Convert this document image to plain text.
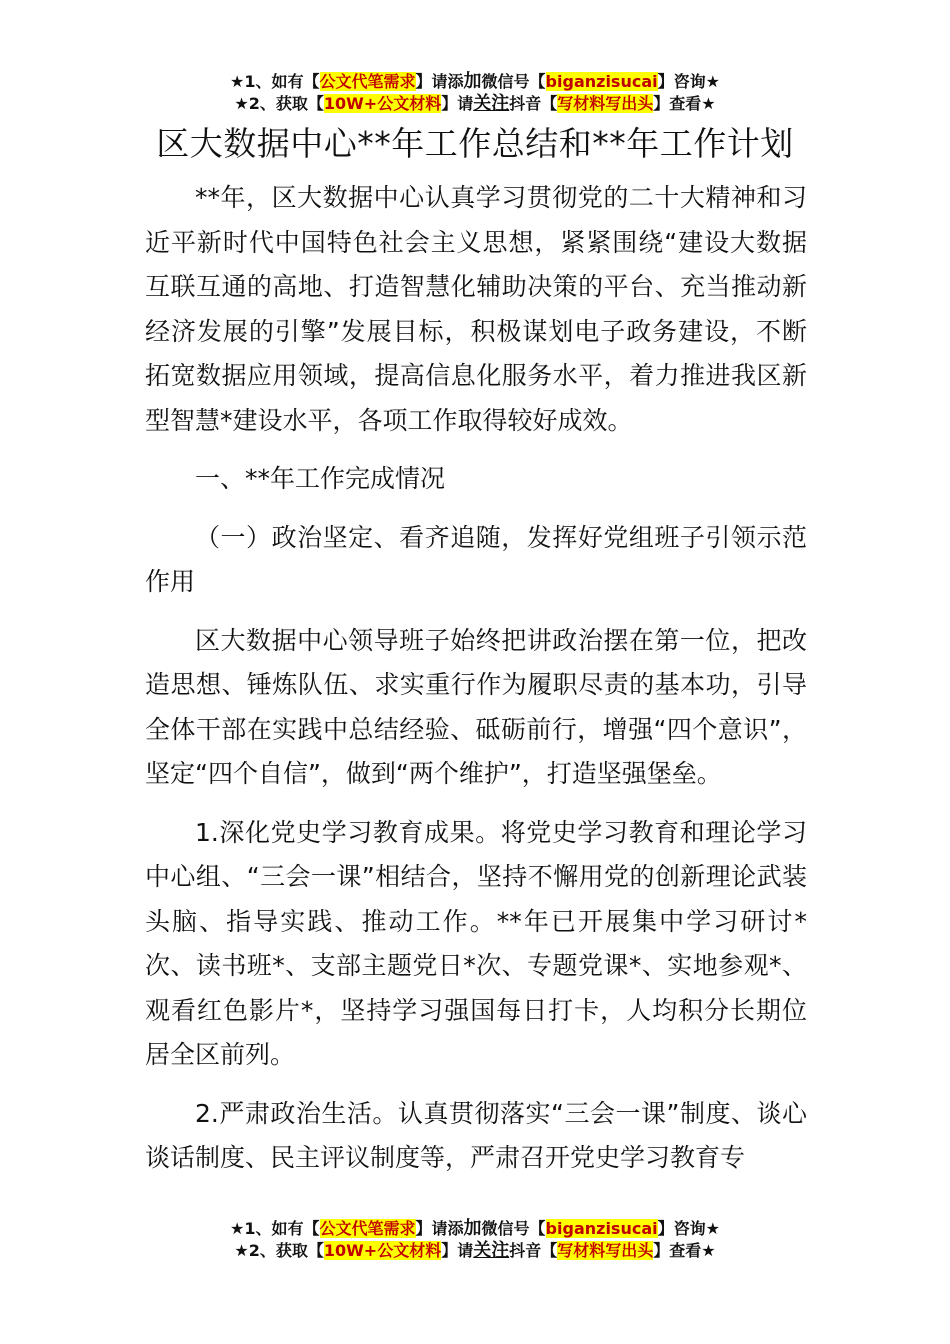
★1、如有【公文代笔需求】请添加微信号【biganzisucai】咨询★
★2、获取【10W+公文材料】请关注抖音【写材料写出头】查看★
区大数据中心**年工作总结和**年工作计划

**年，区大数据中心认真学习贯彻党的二十大精神和习近平新时代中国特色社会主义思想，紧紧围绕“建设大数据互联互通的高地、打造智慧化辅助决策的平台、充当推动新经济发展的引擎”发展目标，积极谋划电子政务建设，不断拓宽数据应用领域，提高信息化服务水平，着力推进我区新型智慧*建设水平，各项工作取得较好成效。

一、**年工作完成情况

（一）政治坚定、看齐追随，发挥好党组班子引领示范作用

区大数据中心领导班子始终把讲政治摆在第一位，把改造思想、锤炼队伍、求实重行作为履职尽责的基本功，引导全体干部在实践中总结经验、砥砺前行，增强“四个意识”，坚定“四个自信”，做到“两个维护”，打造坚强堡垒。

1.深化党史学习教育成果。将党史学习教育和理论学习中心组、“三会一课”相结合，坚持不懈用党的创新理论武装头脑、指导实践、推动工作。**年已开展集中学习研讨*次、读书班*、支部主题党日*次、专题党课*、实地参观*、观看红色影片*，坚持学习强国每日打卡，人均积分长期位居全区前列。

2.严肃政治生活。认真贯彻落实“三会一课”制度、谈心谈话制度、民主评议制度等，严肃召开党史学习教育专

★1、如有【公文代笔需求】请添加微信号【biganzisucai】咨询★
★2、获取【10W+公文材料】请关注抖音【写材料写出头】查看★
